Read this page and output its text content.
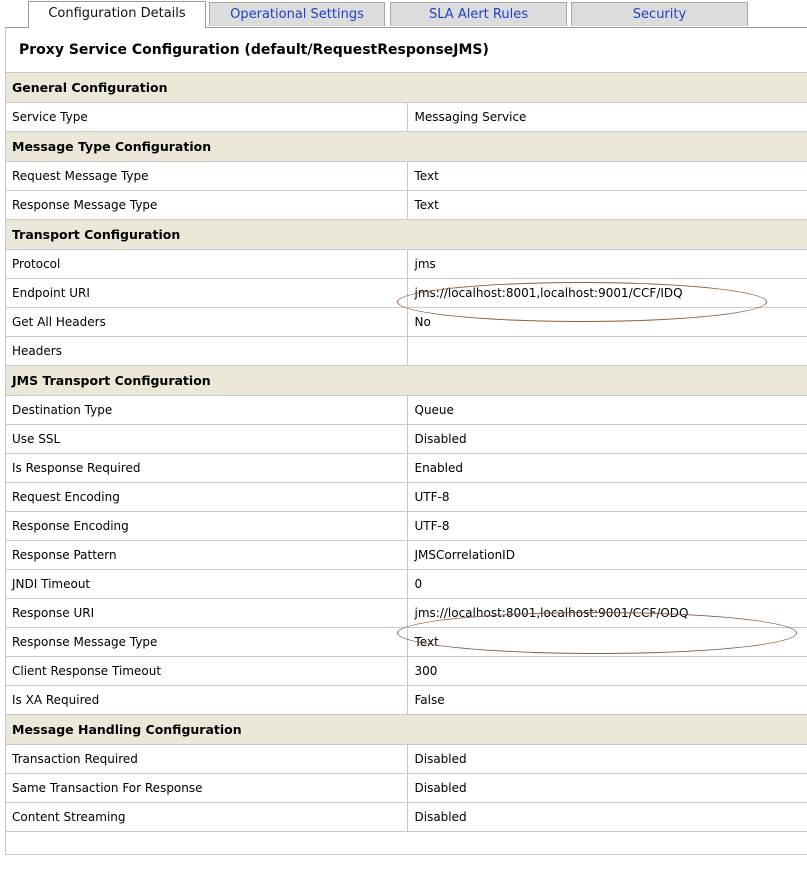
Configuration Details	Operational Settings	SLA Alert Rules	Security
Proxy Service Configuration (default/RequestResponseJMS)
General Configuration	
Service Type	Messaging Service
Message Type Configuration	
Request Message Type	Text
Response Message Type	Text
Transport Configuration	
Protocol	jms
Endpoint URI	jms://localhost:8001,localhost:9001/CCF/IDQ
Get All Headers	No
Headers	
JMS Transport Configuration	
Destination Type	Queue
Use SSL	Disabled
Is Response Required	Enabled
Request Encoding	UTF-8
Response Encoding	UTF-8
Response Pattern	JMSCorrelationID
JNDI Timeout	0
Response URI	jms://localhost:8001,localhost:9001/CCF/ODQ
Response Message Type	Text
Client Response Timeout	300
Is XA Required	False
Message Handling Configuration	
Transaction Required	Disabled
Same Transaction For Response	Disabled
Content Streaming	Disabled
